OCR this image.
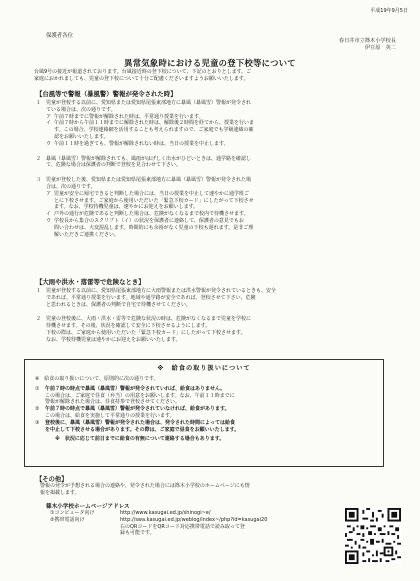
平成19年9月5日
保護者各位
春日井市立篠木小学校長
伊豆原　英二
異常気象時における児童の登下校等について
台風9号の接近が報道されております。台風接近時の登下校について、下記のとおりとします。ご
家庭におかれましても、児童の登下校について十分ご配慮くださいますようお願いいたします。
【台風等で警報（暴風警）警報が発令された時】
１ 児童が登校する以前に、愛知県または愛知県尾張東部地方に暴風（暴風雪）警報が発令され
ている場合は、次の通りです。
ア 午前７時までに警報が解除された時は、平常通り授業を行います。
イ 午前７時から午前１１時までに解除された時は、解除後２時間を経てから、授業を行いま
す。この場合、学校連絡網を活用することも考えられますので、ご家庭でも学級連絡の確
認をお願いいたします。
ウ 午前１１時を過ぎても、警報が解除されない時は、当日の授業を中止します。
２ 暴風（暴風雪）警報が解除されても、風雨がはげしく出水がひどいときは、通学路を確認し
て、危険な場合は保護者の判断で登校を見合わせて下さい。
３ 児童が登校した後、愛知県または愛知県尾張東部地方に暴風（暴風雪）警報が発令された場
合は、次の通りです。
ア 児童が安全に帰宅できると判断した場合には、当日の授業を中止して速やかに通学班ご
とに下校させます。ご家庭から使用いただいた「緊急下校カード」にしたがって下校させ
ます。なお、学校待機児童は、速やかにお迎えをお願いします。
イ 戸外の通行が危険であると判断した場合は、危険がなくなるまで校内で待機させます。
ウ 学校長から集合のスクリプト（イ）の状況を保護者に連絡して、保護者の意見でもお
問い合わせは、大変混乱します。時間的にも余裕がなく児童の下校も遅れます。是非ご理
解いただきご連携ください。
【大雨や洪水・落雷等で危険なとき】
１ 児童が登校する以前に、愛知県尾張東部地方に大雨警報または洪水警報が発令されているときも、安全
であれば、平常通り授業を行います。地域や通学路が安全であれば、登校させて下さい。危険
と思われるときは、保護者の判断で自宅で待機させてください。
２ 児童の登校後に、大雨・洪水・雷等で危険な状況の時は、危険がなくなるまで児童を学校に
待機させます。その後、状況を確認して安全に下校させるようにします。
下校の際は、ご家庭から使用いただいた「緊急下校カード」にしたがって下校させます。
なお、学校待機児童は速やかにお迎えをお願いいたします。
※　給食の取り扱いについて
※　給食の取り扱いについて、原則的に次の通りです。
①	午前７時の時点で暴風（暴風雪）警報が発令されていれば、給食はありません。
この場合は、ご家庭で昼食（弁当）の用意をお願いします。なお、午前１１時までに
警報が解除された場合は、昼食持参で登校させてください。
②	午前７時の時点で暴風（暴風雪）警報が発令されていなければ、給食があります。
この場合は、給食を実施して平常通りの授業を行います。
③	登校後に、暴風（暴風雪）警報が発令された場合は、発令された時間によっては給食
を中止して下校させる場合があります。その際は、ご家庭で昼食をお願いいたします。
※　状況に応じて前日までに給食の有無について連絡する場合もあります。
【その他】
警報の発令が予想される場合の連絡や、発令された場合には篠木小学校のホームページにも情
報を掲載します。
篠木小学校ホームページアドレス
①コンピュータ向け	http://www.kasugai.ed.jp/shinogi~e/
②携帯電話向け	http://swa.kasugai.ed.jp/weblog/index~/php?id=kasugai20
右のQRコードをQRコード対応携帯電話で読み取って登
録も可能です。
